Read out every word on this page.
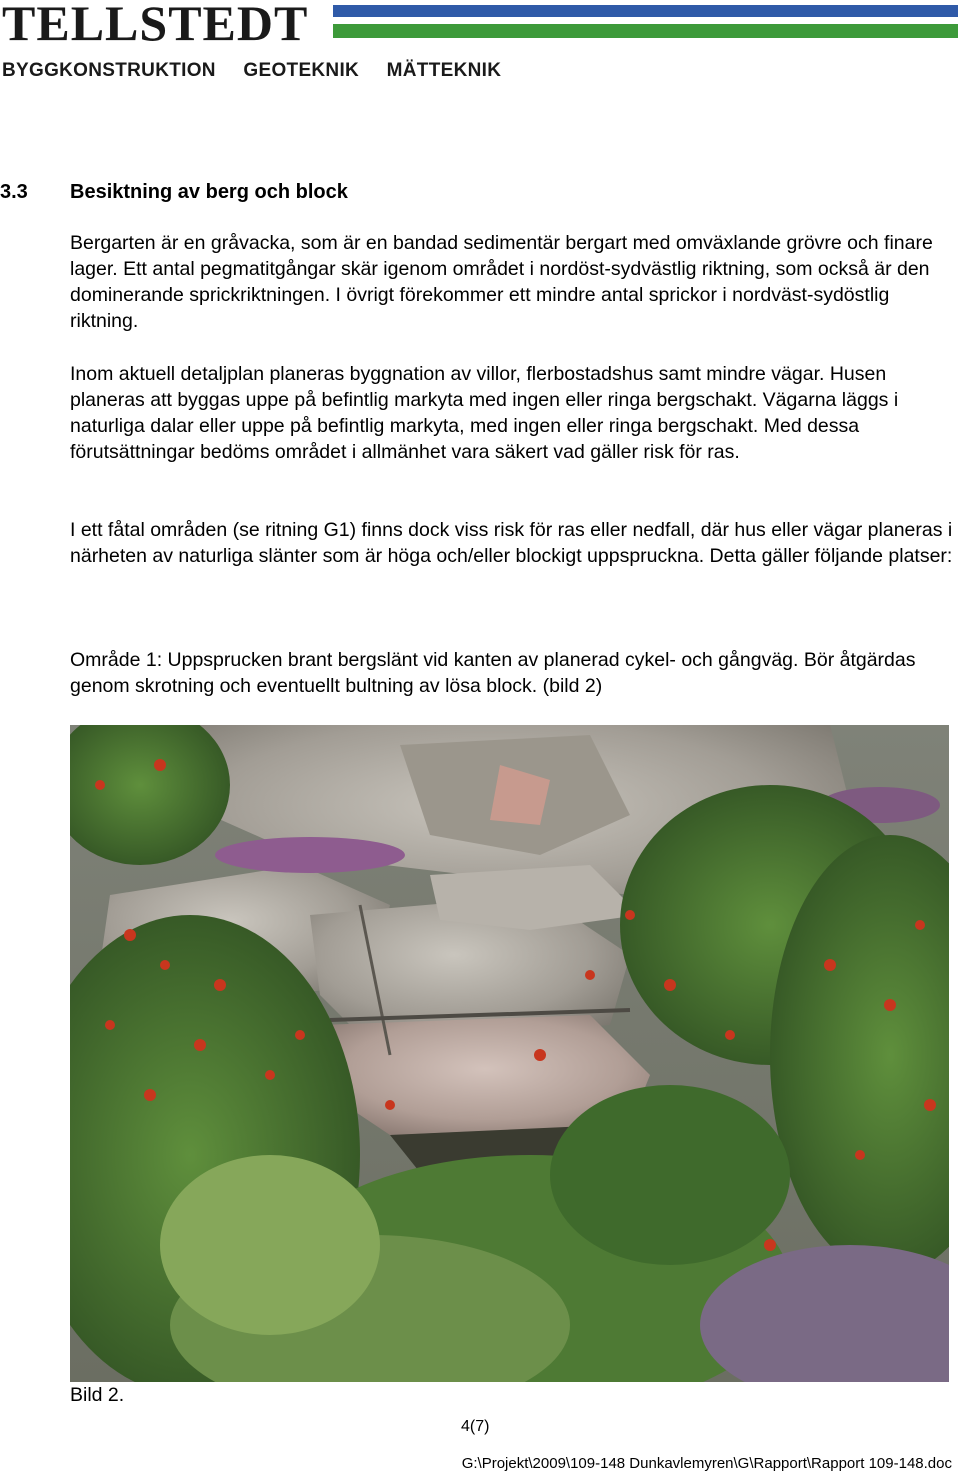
TELLSTEDT
BYGGKONSTRUKTION GEOTEKNIK MÄTTEKNIK
3.3 Besiktning av berg och block

Bergarten är en gråvacka, som är en bandad sedimentär bergart med omväxlande grövre och finare lager. Ett antal pegmatitgångar skär igenom området i nordöst-sydvästlig riktning, som också är den dominerande sprickriktningen. I övrigt förekommer ett mindre antal sprickor i nordväst-sydöstlig riktning.

Inom aktuell detaljplan planeras byggnation av villor, flerbostadshus samt mindre vägar. Husen planeras att byggas uppe på befintlig markyta med ingen eller ringa bergschakt. Vägarna läggs i naturliga dalar eller uppe på befintlig markyta, med ingen eller ringa bergschakt. Med dessa förutsättningar bedöms området i allmänhet vara säkert vad gäller risk för ras.

I ett fåtal områden (se ritning G1) finns dock viss risk för ras eller nedfall, där hus eller vägar planeras i närheten av naturliga slänter som är höga och/eller blockigt uppspruckna. Detta gäller följande platser:

Område 1: Uppsprucken brant bergslänt vid kanten av planerad cykel- och gångväg. Bör åtgärdas genom skrotning och eventuellt bultning av lösa block. (bild 2)

Bild 2.
4(7)
G:\Projekt\2009\109-148 Dunkavlemyren\G\Rapport\Rapport 109-148.doc
